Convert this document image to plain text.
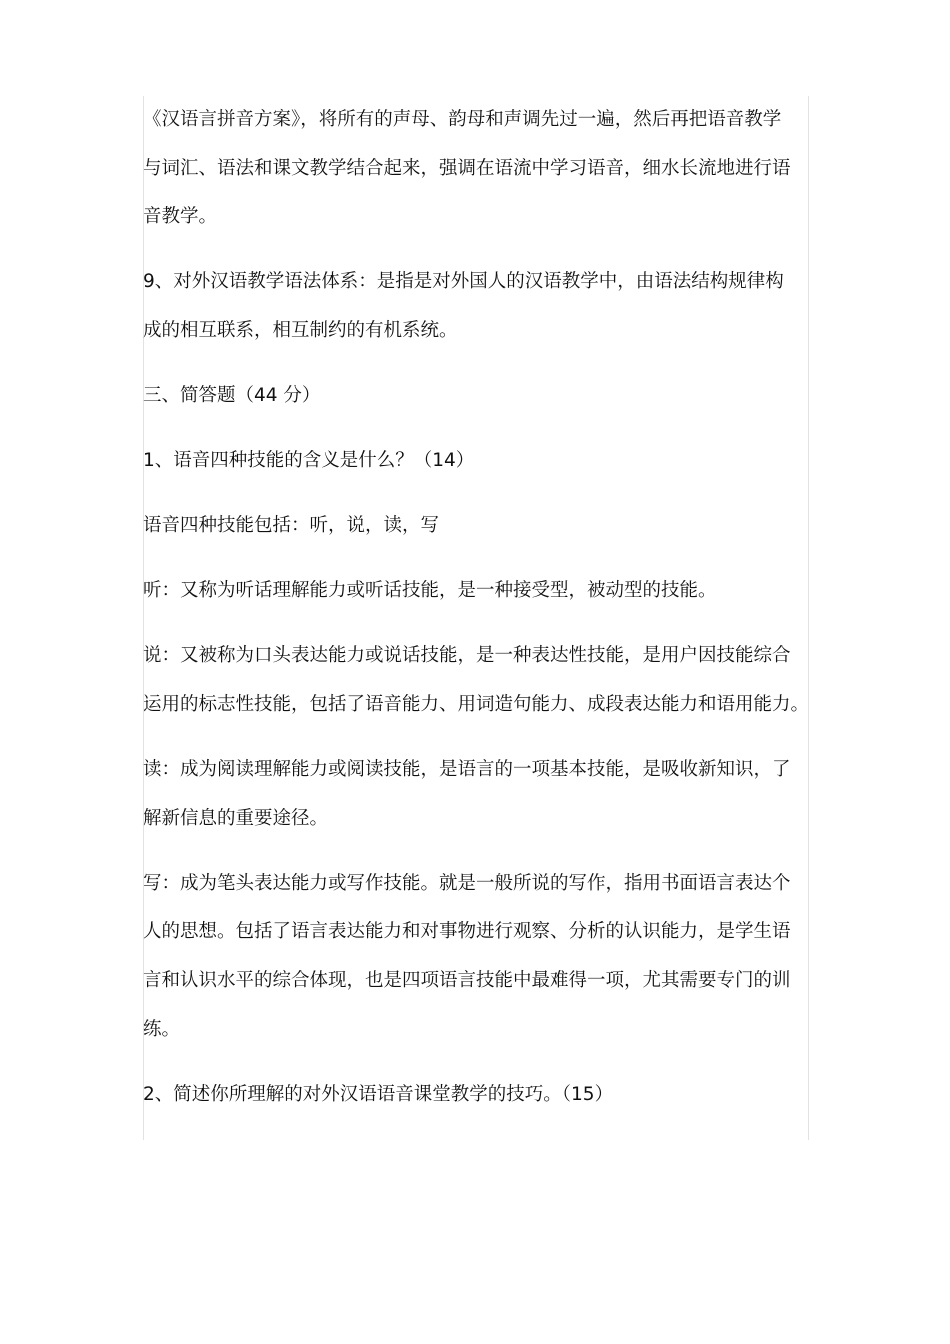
《汉语言拼音方案》，将所有的声母、韵母和声调先过一遍，然后再把语音教学

与词汇、语法和课文教学结合起来，强调在语流中学习语音，细水长流地进行语

音教学。

9、对外汉语教学语法体系：是指是对外国人的汉语教学中，由语法结构规律构

成的相互联系，相互制约的有机系统。

三、简答题（44 分）

1、语音四种技能的含义是什么？（14）

语音四种技能包括：听，说，读，写

听：又称为听话理解能力或听话技能，是一种接受型，被动型的技能。

说：又被称为口头表达能力或说话技能，是一种表达性技能，是用户因技能综合

运用的标志性技能，包括了语音能力、用词造句能力、成段表达能力和语用能力。

读：成为阅读理解能力或阅读技能，是语言的一项基本技能，是吸收新知识，了

解新信息的重要途径。

写：成为笔头表达能力或写作技能。就是一般所说的写作，指用书面语言表达个

人的思想。包括了语言表达能力和对事物进行观察、分析的认识能力，是学生语

言和认识水平的综合体现，也是四项语言技能中最难得一项，尤其需要专门的训

练。

2、简述你所理解的对外汉语语音课堂教学的技巧。（15）
